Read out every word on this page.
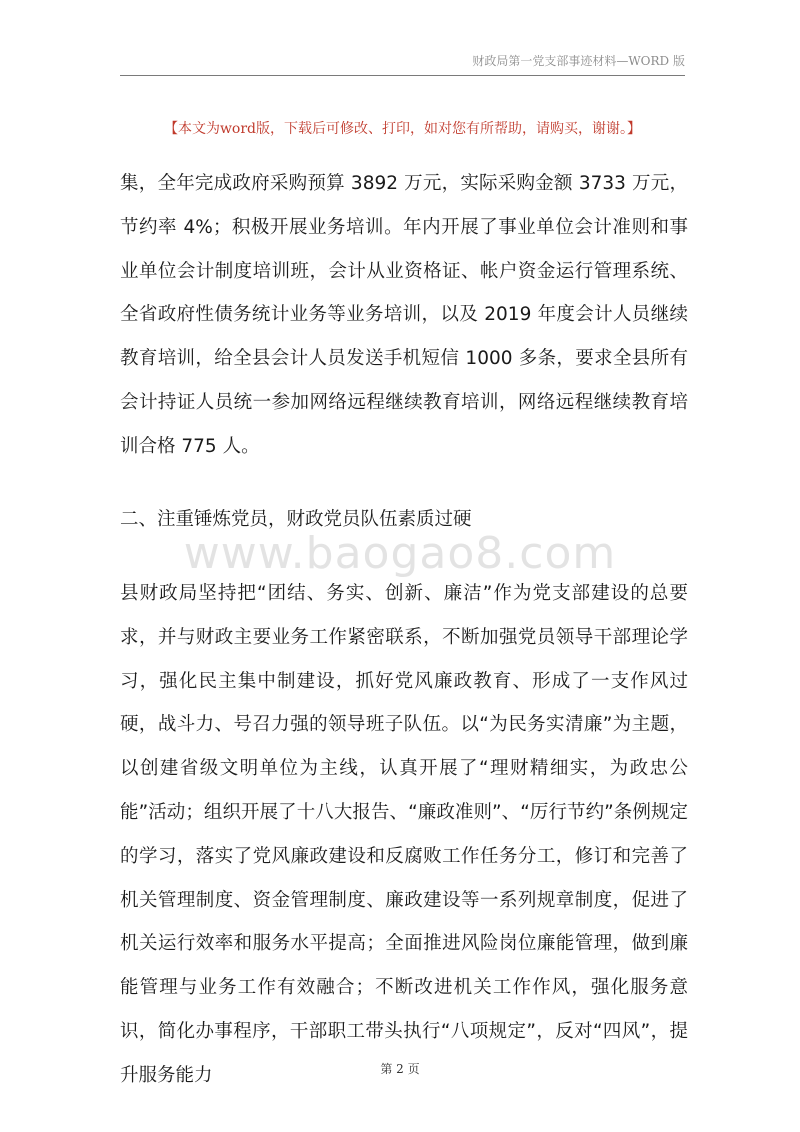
财政局第一党支部事迹材料—WORD 版
【本文为word版，下载后可修改、打印，如对您有所帮助，请购买，谢谢。】
集，全年完成政府采购预算 3892 万元，实际采购金额 3733 万元，节约率 4%；积极开展业务培训。年内开展了事业单位会计准则和事业单位会计制度培训班，会计从业资格证、帐户资金运行管理系统、全省政府性债务统计业务等业务培训，以及 2019 年度会计人员继续教育培训，给全县会计人员发送手机短信 1000 多条，要求全县所有会计持证人员统一参加网络远程继续教育培训，网络远程继续教育培训合格 775 人。
二、注重锤炼党员，财政党员队伍素质过硬
www.baogao8.com
县财政局坚持把“团结、务实、创新、廉洁”作为党支部建设的总要求，并与财政主要业务工作紧密联系，不断加强党员领导干部理论学习，强化民主集中制建设，抓好党风廉政教育、形成了一支作风过硬，战斗力、号召力强的领导班子队伍。以“为民务实清廉”为主题，以创建省级文明单位为主线，认真开展了“理财精细实，为政忠公能”活动；组织开展了十八大报告、“廉政准则”、“厉行节约”条例规定的学习，落实了党风廉政建设和反腐败工作任务分工，修订和完善了机关管理制度、资金管理制度、廉政建设等一系列规章制度，促进了机关运行效率和服务水平提高；全面推进风险岗位廉能管理，做到廉能管理与业务工作有效融合；不断改进机关工作作风，强化服务意识，简化办事程序，干部职工带头执行“八项规定”，反对“四风”，提升服务能力	第 2 页
